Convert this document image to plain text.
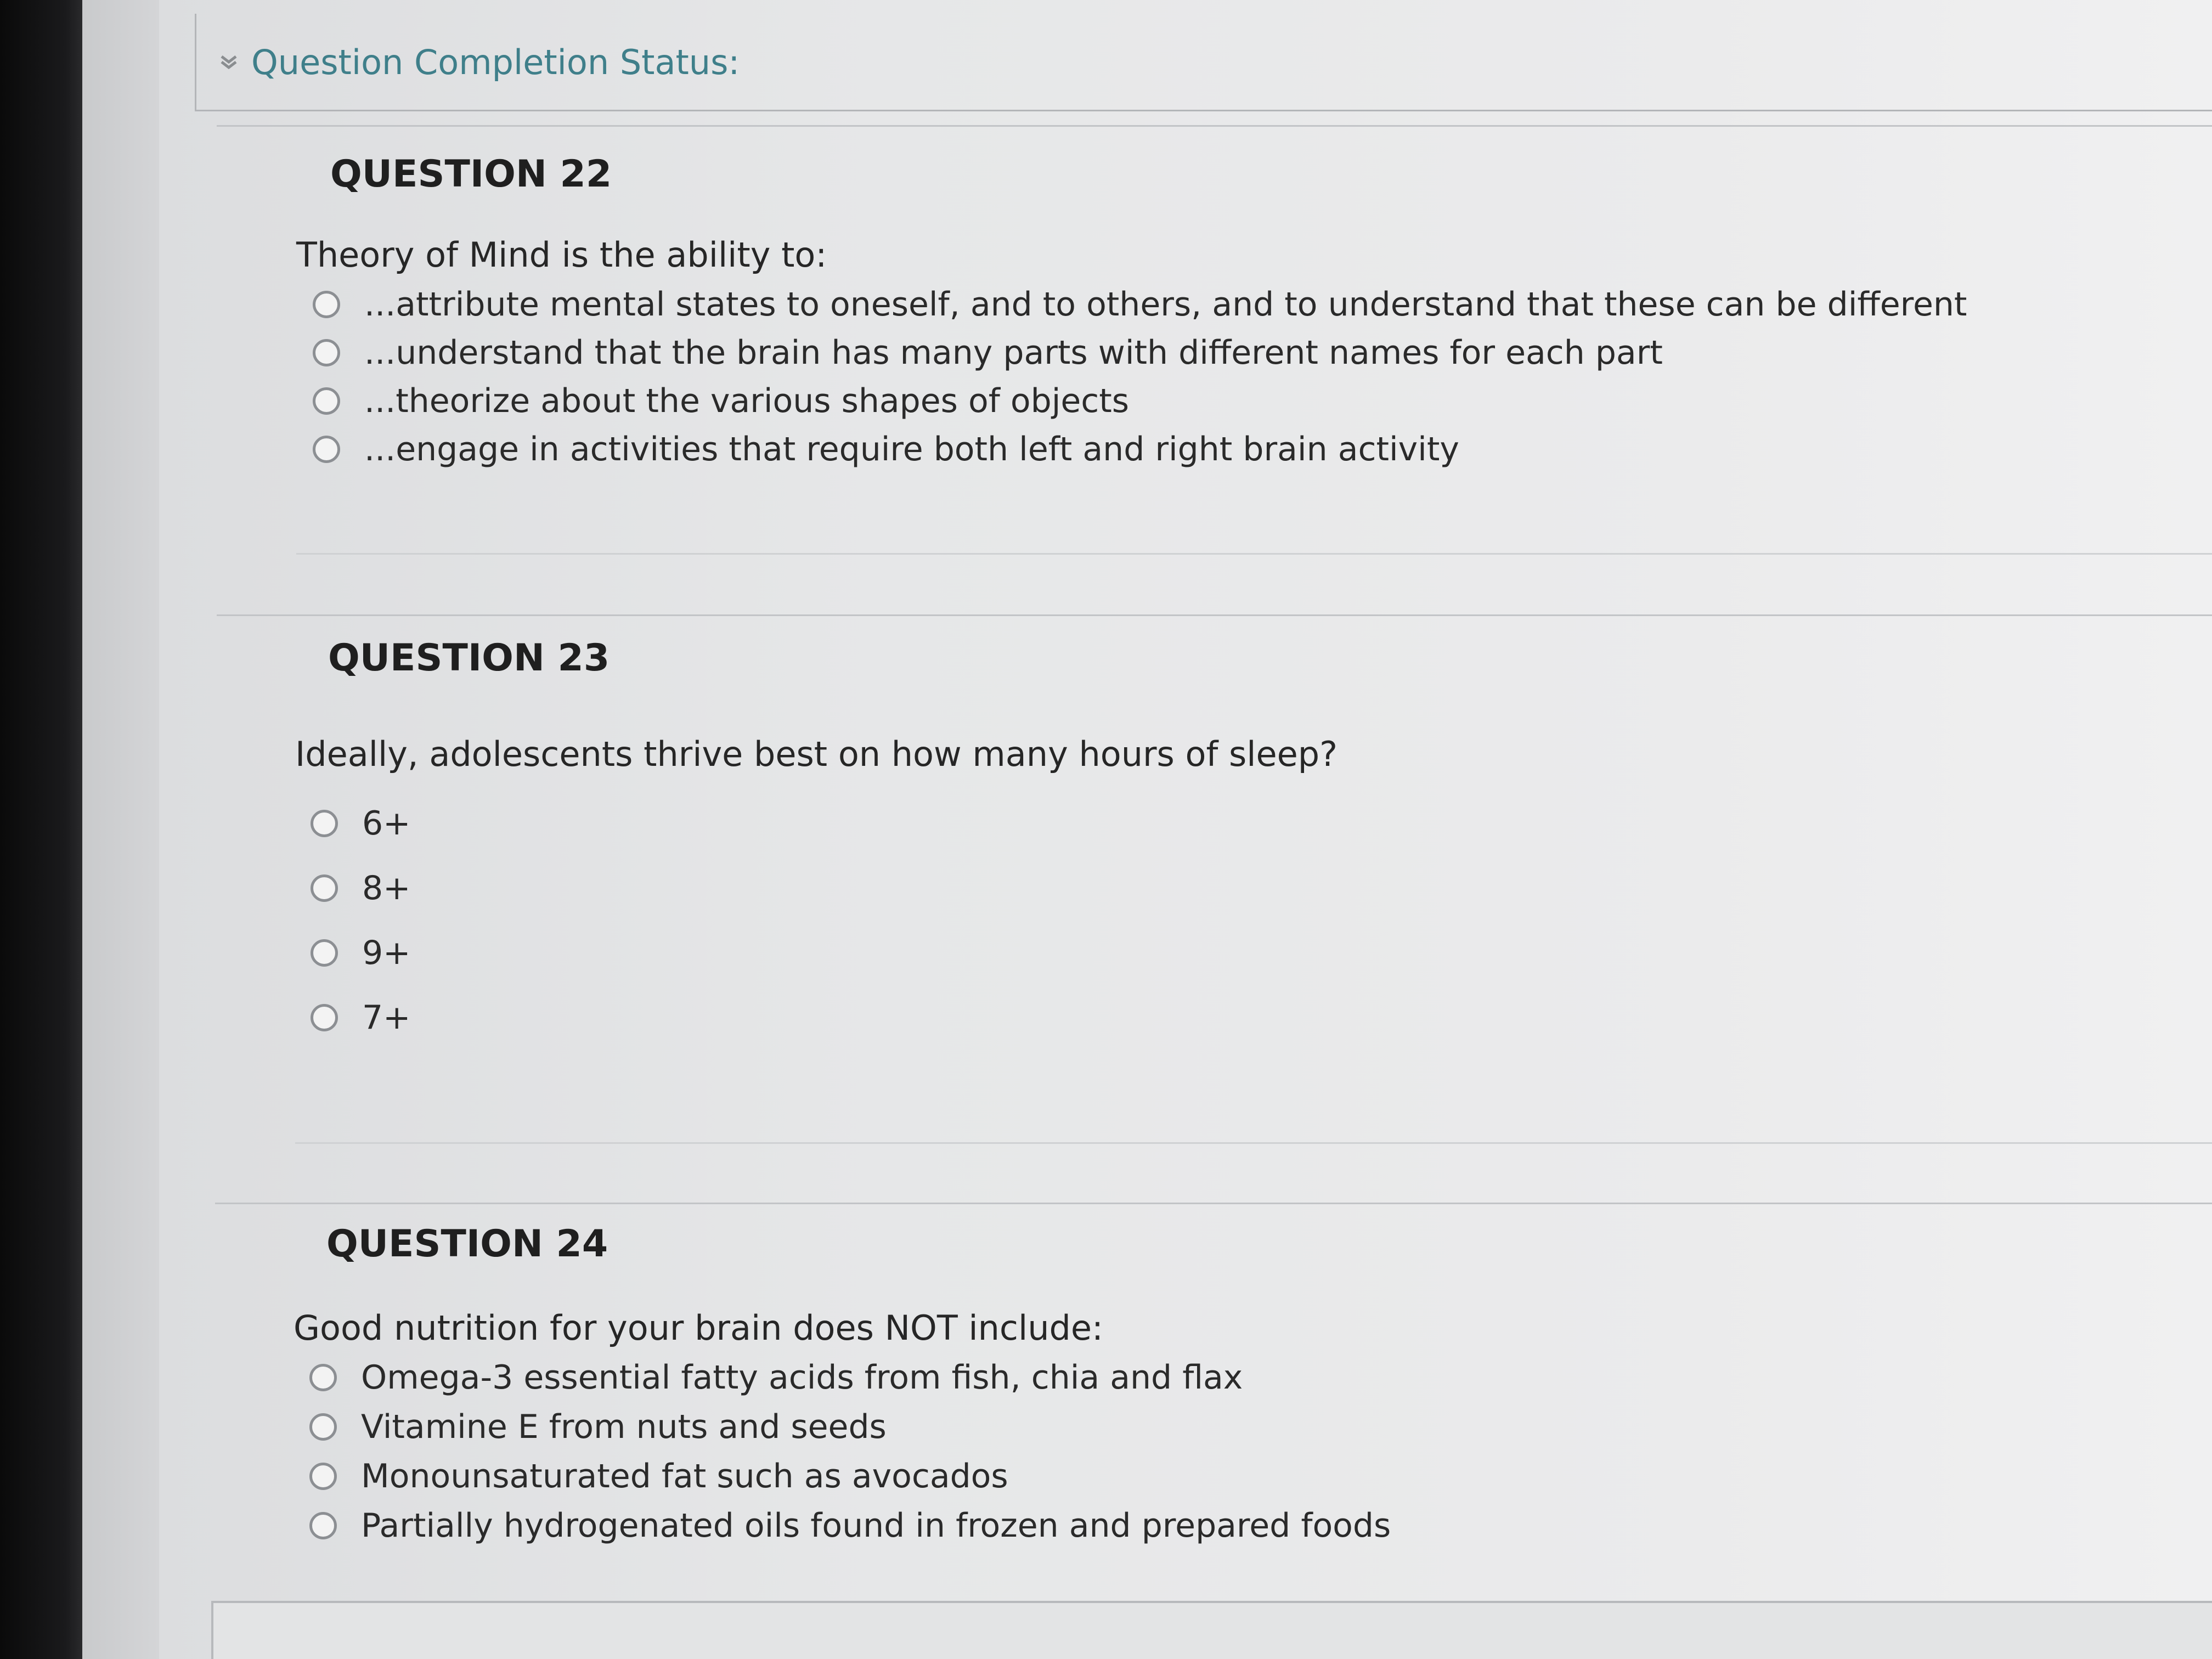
Question Completion Status:
QUESTION 22
Theory of Mind is the ability to:
...attribute mental states to oneself, and to others, and to understand that these can be different
...understand that the brain has many parts with different names for each part
...theorize about the various shapes of objects
...engage in activities that require both left and right brain activity
QUESTION 23
Ideally, adolescents thrive best on how many hours of sleep?
6+
8+
9+
7+
QUESTION 24
Good nutrition for your brain does NOT include:
Omega-3 essential fatty acids from fish, chia and flax
Vitamine E from nuts and seeds
Monounsaturated fat such as avocados
Partially hydrogenated oils found in frozen and prepared foods
